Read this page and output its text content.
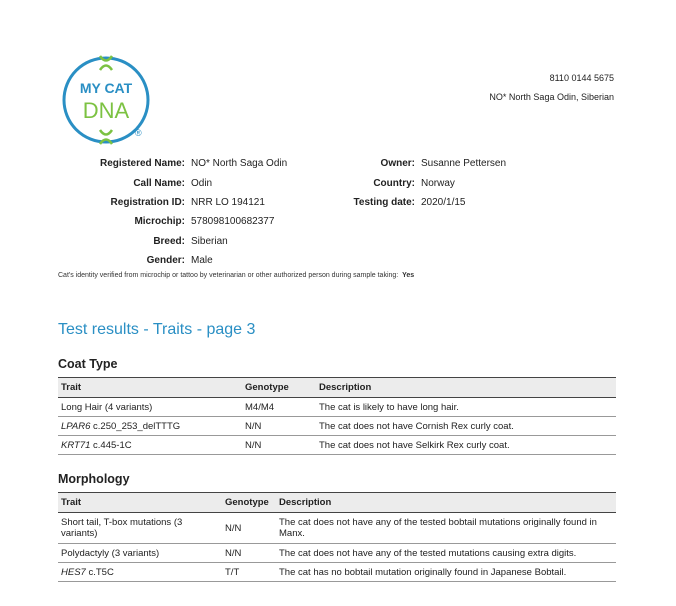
MY CAT
DNA
®
8110 0144 5675
NO* North Saga Odin, Siberian
Registered Name: NO* North Saga Odin
Call Name: Odin
Registration ID: NRR LO 194121
Microchip: 578098100682377
Breed: Siberian
Gender: Male
Owner: Susanne Pettersen
Country: Norway
Testing date: 2020/1/15
Cat's identity verified from microchip or tattoo by veterinarian or other authorized person during sample taking: Yes
Test results - Traits - page 3
Coat Type
Trait	Genotype	Description
Long Hair (4 variants)	M4/M4	The cat is likely to have long hair.
LPAR6 c.250_253_delTTTG	N/N	The cat does not have Cornish Rex curly coat.
KRT71 c.445-1C	N/N	The cat does not have Selkirk Rex curly coat.
Morphology
Trait	Genotype	Description
Short tail, T-box mutations (3 variants)	N/N	The cat does not have any of the tested bobtail mutations originally found in Manx.
Polydactyly (3 variants)	N/N	The cat does not have any of the tested mutations causing extra digits.
HES7 c.T5C	T/T	The cat has no bobtail mutation originally found in Japanese Bobtail.
